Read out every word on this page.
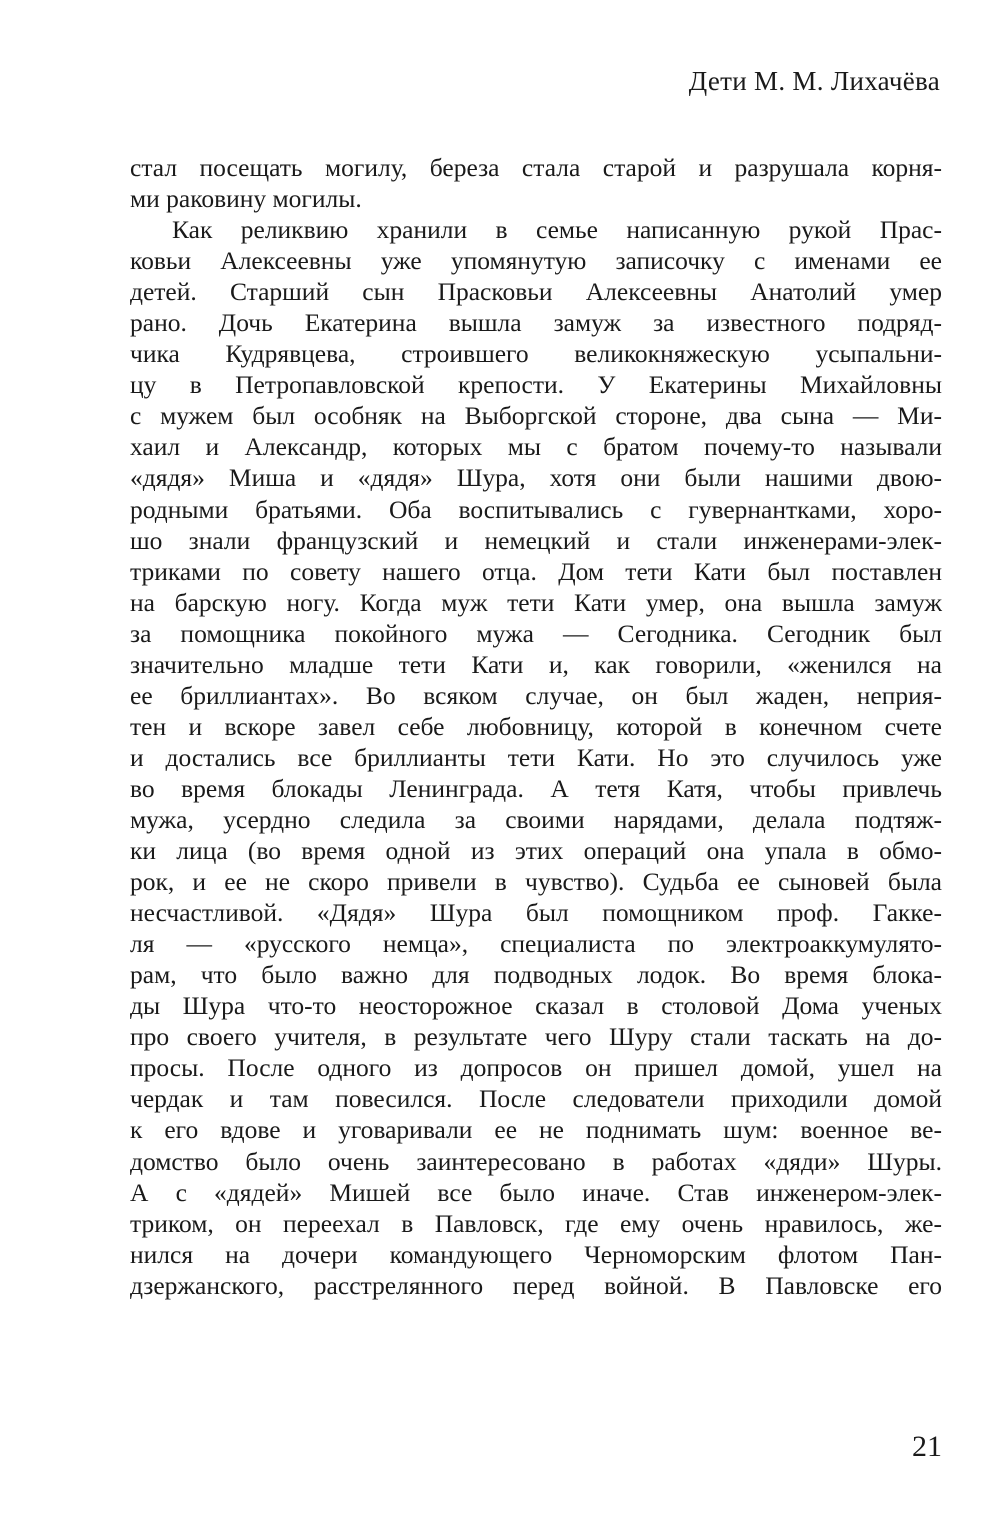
Дети М. М. Лихачёва
стал посещать могилу, береза стала старой и разрушала корня-
ми раковину могилы.
Как реликвию хранили в семье написанную рукой Прас-
ковьи Алексеевны уже упомянутую записочку с именами ее
детей. Старший сын Прасковьи Алексеевны Анатолий умер
рано. Дочь Екатерина вышла замуж за известного подряд-
чика Кудрявцева, строившего великокняжескую усыпальни-
цу в Петропавловской крепости. У Екатерины Михайловны
с мужем был особняк на Выборгской стороне, два сына — Ми-
хаил и Александр, которых мы с братом почему-то называли
«дядя» Миша и «дядя» Шура, хотя они были нашими двою-
родными братьями. Оба воспитывались с гувернантками, хоро-
шо знали французский и немецкий и стали инженерами-элек-
триками по совету нашего отца. Дом тети Кати был поставлен
на барскую ногу. Когда муж тети Кати умер, она вышла замуж
за помощника покойного мужа — Сегодника. Сегодник был
значительно младше тети Кати и, как говорили, «женился на
ее бриллиантах». Во всяком случае, он был жаден, неприя-
тен и вскоре завел себе любовницу, которой в конечном счете
и достались все бриллианты тети Кати. Но это случилось уже
во время блокады Ленинграда. А тетя Катя, чтобы привлечь
мужа, усердно следила за своими нарядами, делала подтяж-
ки лица (во время одной из этих операций она упала в обмо-
рок, и ее не скоро привели в чувство). Судьба ее сыновей была
несчастливой. «Дядя» Шура был помощником проф. Гакке-
ля — «русского немца», специалиста по электроаккумулято-
рам, что было важно для подводных лодок. Во время блока-
ды Шура что-то неосторожное сказал в столовой Дома ученых
про своего учителя, в результате чего Шуру стали таскать на до-
просы. После одного из допросов он пришел домой, ушел на
чердак и там повесился. После следователи приходили домой
к его вдове и уговаривали ее не поднимать шум: военное ве-
домство было очень заинтересовано в работах «дяди» Шуры.
А с «дядей» Мишей все было иначе. Став инженером-элек-
триком, он переехал в Павловск, где ему очень нравилось, же-
нился на дочери командующего Черноморским флотом Пан-
дзержанского, расстрелянного перед войной. В Павловске его
21
